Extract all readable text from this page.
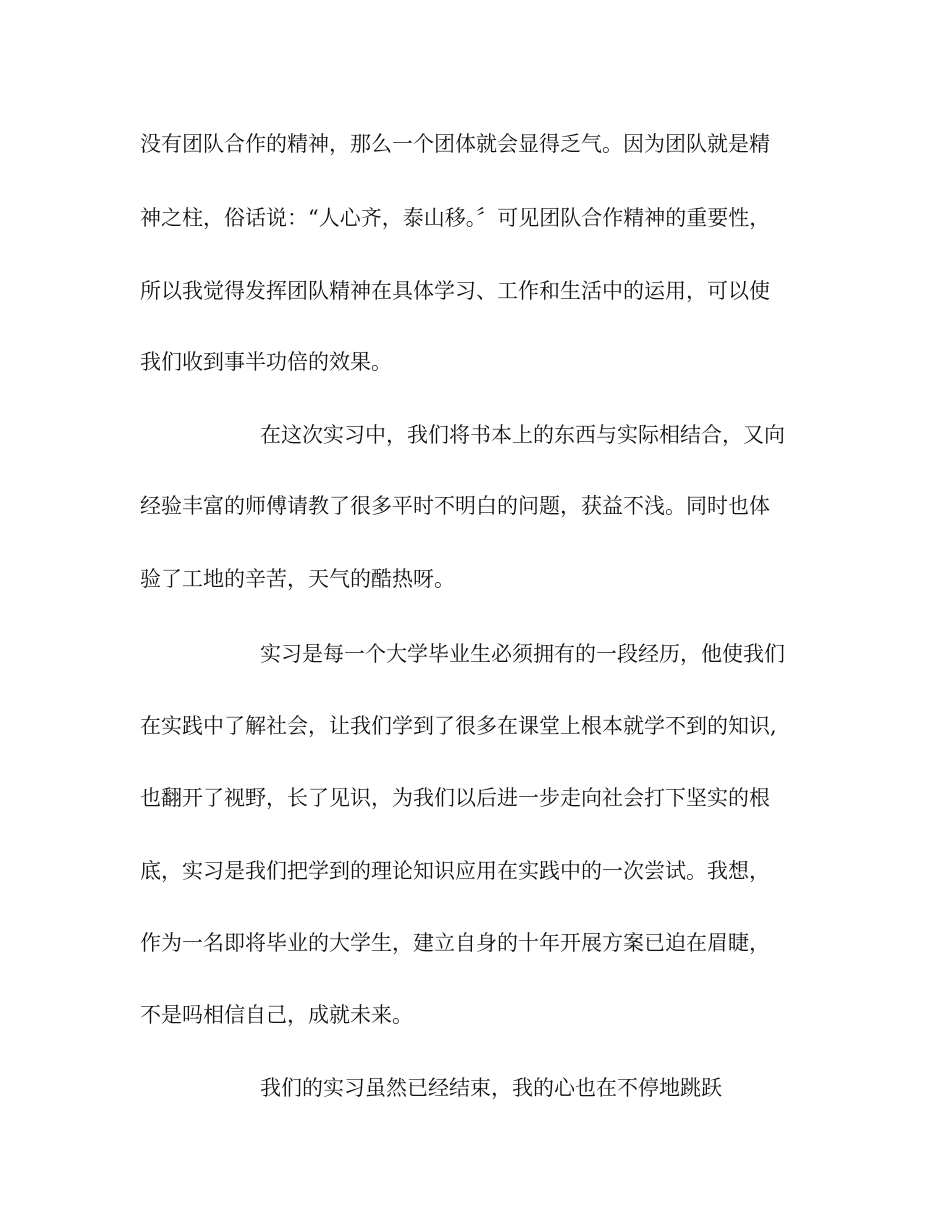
没有团队合作的精神，那么一个团体就会显得乏气。因为团队就是精
神之柱，俗话说：“人心齐，泰山移。〞可见团队合作精神的重要性，
所以我觉得发挥团队精神在具体学习、工作和生活中的运用，可以使
我们收到事半功倍的效果。
在这次实习中，我们将书本上的东西与实际相结合，又向
经验丰富的师傅请教了很多平时不明白的问题，获益不浅。同时也体
验了工地的辛苦，天气的酷热呀。
实习是每一个大学毕业生必须拥有的一段经历，他使我们
在实践中了解社会，让我们学到了很多在课堂上根本就学不到的知识,
也翻开了视野，长了见识，为我们以后进一步走向社会打下坚实的根
底，实习是我们把学到的理论知识应用在实践中的一次尝试。我想，
作为一名即将毕业的大学生，建立自身的十年开展方案已迫在眉睫，
不是吗相信自己，成就未来。
我们的实习虽然已经结束，我的心也在不停地跳跃
